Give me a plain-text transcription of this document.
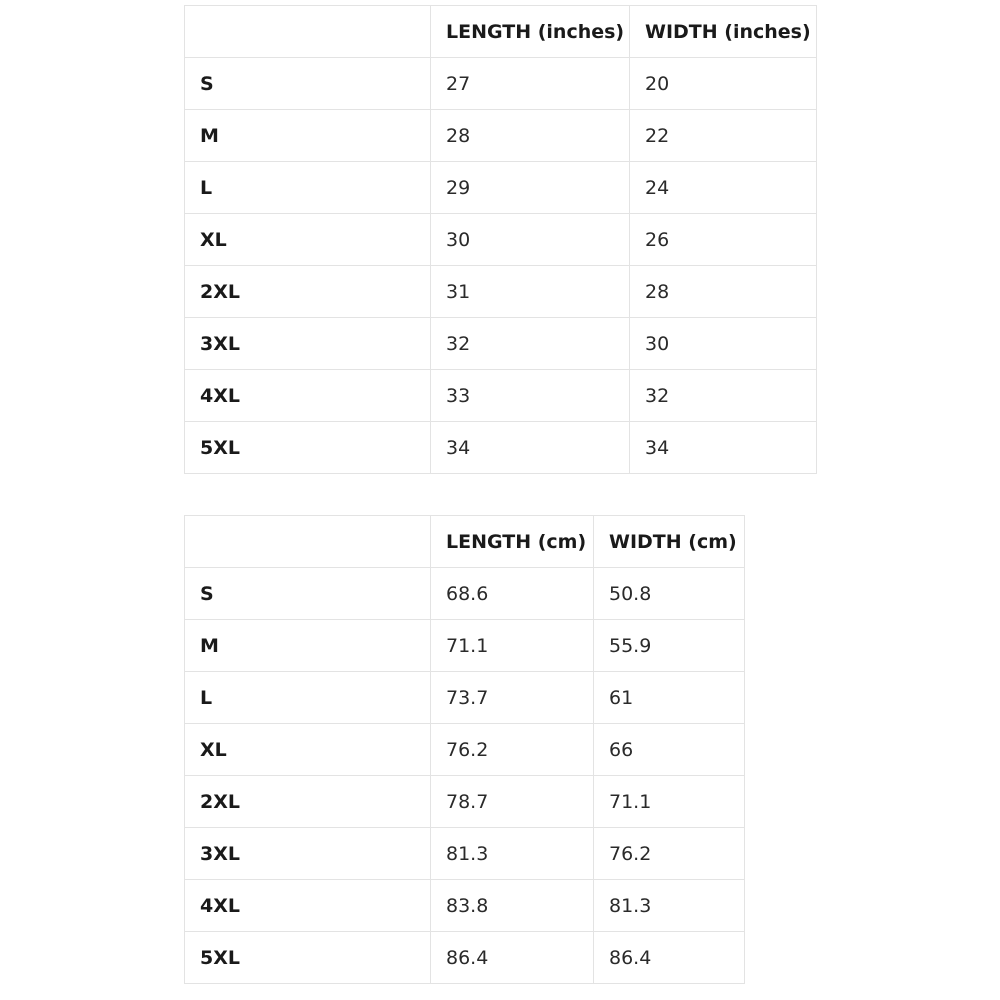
	LENGTH (inches)	WIDTH (inches)
S	27	20
M	28	22
L	29	24
XL	30	26
2XL	31	28
3XL	32	30
4XL	33	32
5XL	34	34
	LENGTH (cm)	WIDTH (cm)
S	68.6	50.8
M	71.1	55.9
L	73.7	61
XL	76.2	66
2XL	78.7	71.1
3XL	81.3	76.2
4XL	83.8	81.3
5XL	86.4	86.4
